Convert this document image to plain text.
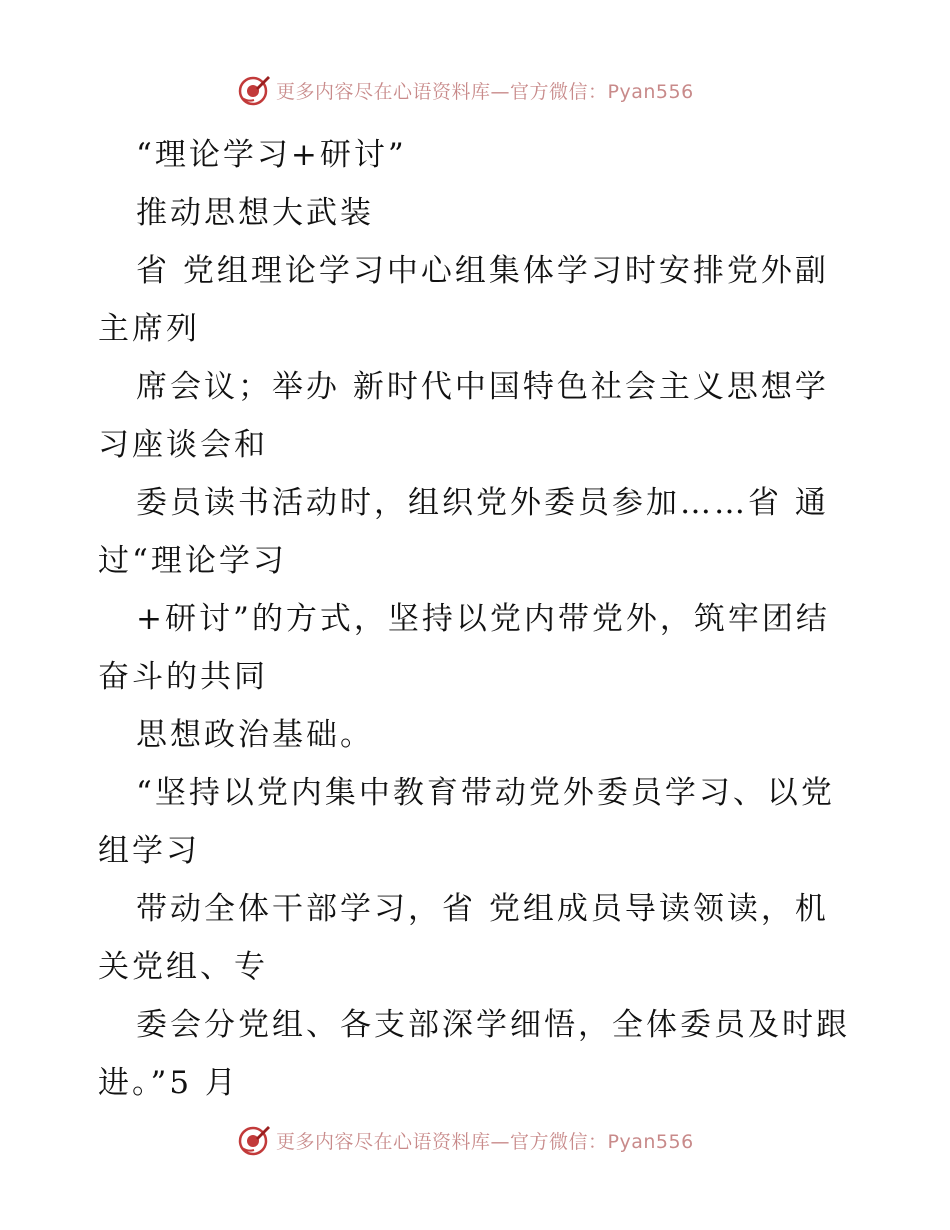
更多内容尽在心语资料库—官方微信：Pyan556
“理论学习+研讨”
推动思想大武装
省 党组理论学习中心组集体学习时安排党外副
主席列
席会议；举办 新时代中国特色社会主义思想学
习座谈会和
委员读书活动时，组织党外委员参加……省 通
过“理论学习
+研讨”的方式，坚持以党内带党外，筑牢团结
奋斗的共同
思想政治基础。
“坚持以党内集中教育带动党外委员学习、以党
组学习
带动全体干部学习，省 党组成员导读领读，机
关党组、专
委会分党组、各支部深学细悟，全体委员及时跟
进。”5 月
更多内容尽在心语资料库—官方微信：Pyan556
